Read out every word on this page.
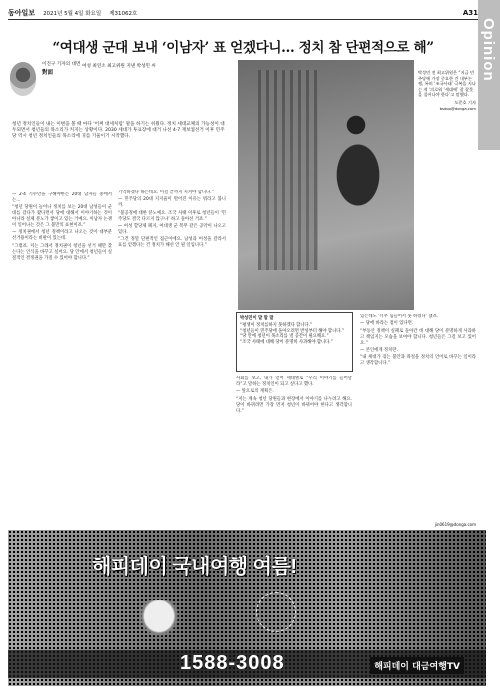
동아일보 2021년 5월 4일 화요일 제31062호	A31
Opinion
“여대생 군대 보내 ‘이남자’ 표 얻겠다니… 정치 참 단편적으로 해”
이진구 기자의 대면
對面
여성 최연소 최고위원 지낸 박성민 씨
박성민 전 최고위원은 “지금 민주당에 가장 중요한 건 내부논쟁, 특히 ‘조국사태’ 극복을 지나는 게 ‘의로워 ‘세대에’ 잘 잘못을 짚어나야 한다’고 말했다.
도준호 기자
bsdoo@donga.com
청년 정치인들이 내는 이변을 볼 때 마다 ‘어쩌 대세처럼’ 말을 하기는 쉬웠다. 정치 세대교체의 가능성이 대두되면서 청년들의 목소리가 커지는 상황이다. 2030 세대가 투표장에 대거 나선 4·7 재보궐선거 이후 민주당 역시 청년 정치인들의 목소리에 귀를 기울이기 시작했다.

— 2·4 기수만을 구해야한는 20대 남자들 중에서는…

“청년 당원이 늘어나 정치를 보는 20대 남성들이 군대를 갔다가 왔다면서 당에 대해서 이야기하는 것이 아니라 실제 분노가 쌓이고 있는 거예요. 이남자 논쟁이 일어나는 것은 그 불만의 표현이죠.”

— 정치권에서 청년 정책이라고 나오는 것이 대부분 선거용이라는 비판이 있는데.

“그렇죠. 저는 그래서 정치권이 청년을 선거 때만 찾는다는 인식을 바꾸고 싶어요. 당 안에서 청년들이 실질적인 결정권을 가질 수 있어야 합니다.”

기억하겠다 하는데요. 이걸 끝까지 지켜야 합니다.”

— 민주당의 20대 지지율이 떨어진 이유는 뭐라고 봅니까.

“불공정에 대한 분노예요. 조국 사태 이후로 청년들이 ‘민주당도 결국 다르지 않구나’ 하고 돌아선 거죠.”

— 여성 할당제 폐지, 여대생 군 복무 같은 공약이 나오고 있다.

“그건 정말 단편적인 접근이에요. 남성과 여성을 갈라서 표를 얻겠다는 건 정치가 해선 안 될 일입니다.”

박성민이 말 말 말
“평생이 정치를하지 못하겠다 합니다.”
“청년들이 민주당에 돌아오려면 반성부터 해야 합니다.”
“당 안에 청년이 목소리를 낼 공간이 필요해요.”
“조국 사태에 대해 당이 분명히 사과해야 합니다.”

사회를 보고, 내가 얻어 세대별로 “우리 이야기를 들어달라”고 말하는 정치인이 되고 싶다고 했다.

— 앞으로의 계획은.

“저는 계속 청년 당원들과 현장에서 이야기를 나누려고 해요. 당이 바뀌려면 가장 먼저 청년이 바뀌어야 한다고 생각합니다.”

있는데도 ‘너무 힘들어서 못 하겠다’ 했죠.

— 당에 바라는 점이 있다면.

“부동산 정책이 실패로 돌아간 데 대해 당이 분명하게 사과하고 책임지는 모습을 보여야 합니다. 청년들은 그걸 보고 있어요.”

— 본인에게 정치란.

“내 세대가 겪는 불안과 좌절을 정치의 언어로 바꾸는 일이라고 생각합니다.”

jin0619@donga.com
해피데이 국내여행 여름!
1588-3008	해피데이 대금여행TV
